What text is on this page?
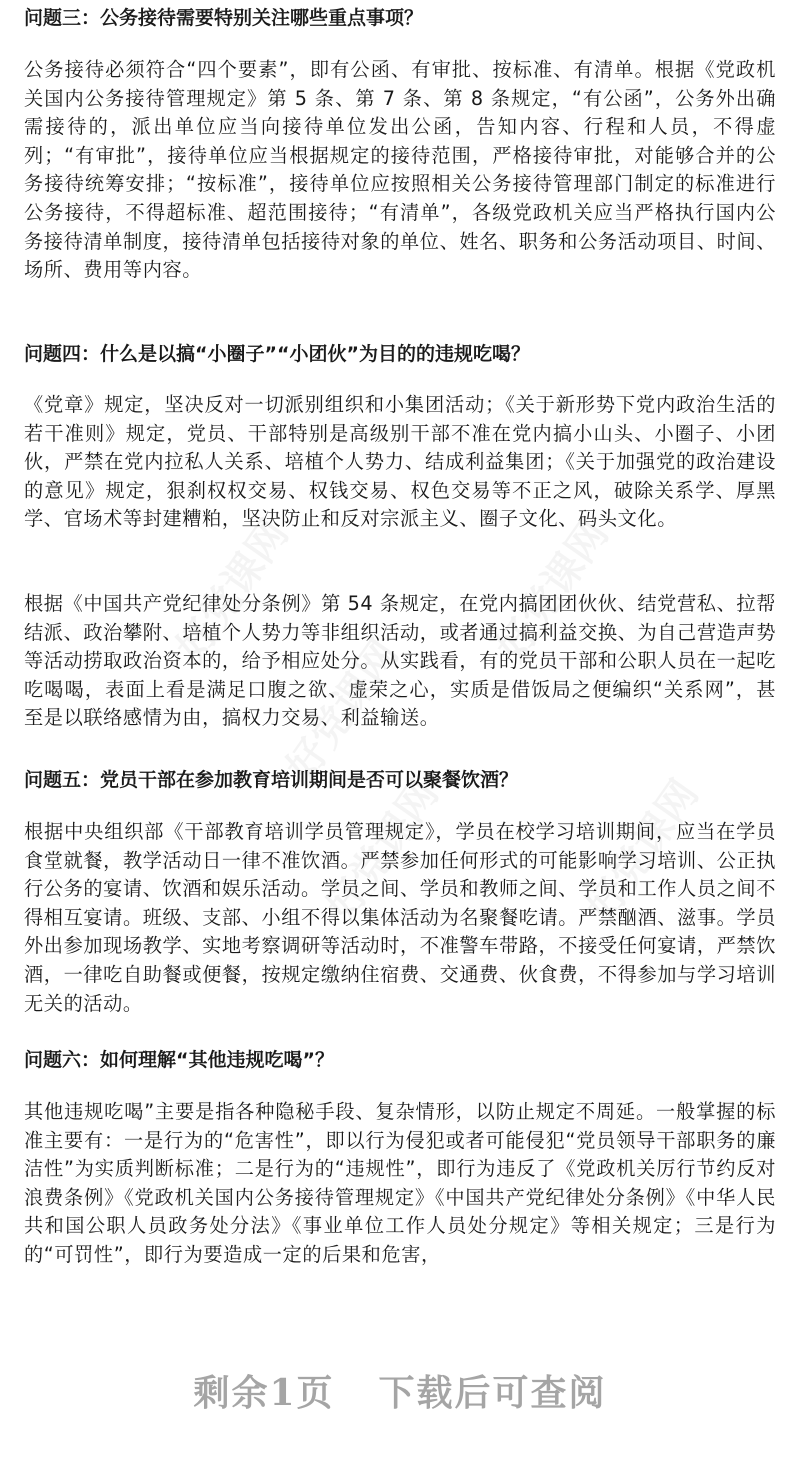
问题三：公务接待需要特别关注哪些重点事项？
公务接待必须符合“四个要素”，即有公函、有审批、按标准、有清单。根据《党政机关国内公务接待管理规定》第 5 条、第 7 条、第 8 条规定，“有公函”，公务外出确需接待的，派出单位应当向接待单位发出公函，告知内容、行程和人员，不得虚列；“有审批”，接待单位应当根据规定的接待范围，严格接待审批，对能够合并的公务接待统筹安排；“按标准”，接待单位应按照相关公务接待管理部门制定的标准进行公务接待，不得超标准、超范围接待；“有清单”，各级党政机关应当严格执行国内公务接待清单制度，接待清单包括接待对象的单位、姓名、职务和公务活动项目、时间、场所、费用等内容。
问题四：什么是以搞“小圈子”“小团伙”为目的的违规吃喝？
《党章》规定，坚决反对一切派别组织和小集团活动；《关于新形势下党内政治生活的若干准则》规定，党员、干部特别是高级别干部不准在党内搞小山头、小圈子、小团伙，严禁在党内拉私人关系、培植个人势力、结成利益集团；《关于加强党的政治建设的意见》规定，狠刹权权交易、权钱交易、权色交易等不正之风，破除关系学、厚黑学、官场术等封建糟粕，坚决防止和反对宗派主义、圈子文化、码头文化。
根据《中国共产党纪律处分条例》第 54 条规定，在党内搞团团伙伙、结党营私、拉帮结派、政治攀附、培植个人势力等非组织活动，或者通过搞利益交换、为自己营造声势等活动捞取政治资本的，给予相应处分。从实践看，有的党员干部和公职人员在一起吃吃喝喝，表面上看是满足口腹之欲、虚荣之心，实质是借饭局之便编织“关系网”，甚至是以联络感情为由，搞权力交易、利益输送。
问题五：党员干部在参加教育培训期间是否可以聚餐饮酒？
根据中央组织部《干部教育培训学员管理规定》，学员在校学习培训期间，应当在学员食堂就餐，教学活动日一律不准饮酒。严禁参加任何形式的可能影响学习培训、公正执行公务的宴请、饮酒和娱乐活动。学员之间、学员和教师之间、学员和工作人员之间不得相互宴请。班级、支部、小组不得以集体活动为名聚餐吃请。严禁酗酒、滋事。学员外出参加现场教学、实地考察调研等活动时，不准警车带路，不接受任何宴请，严禁饮酒，一律吃自助餐或便餐，按规定缴纳住宿费、交通费、伙食费，不得参加与学习培训无关的活动。
问题六：如何理解“其他违规吃喝”？
其他违规吃喝”主要是指各种隐秘手段、复杂情形，以防止规定不周延。一般掌握的标准主要有：一是行为的“危害性”，即以行为侵犯或者可能侵犯“党员领导干部职务的廉洁性”为实质判断标准；二是行为的“违规性”，即行为违反了《党政机关厉行节约反对浪费条例》《党政机关国内公务接待管理规定》《中国共产党纪律处分条例》《中华人民共和国公职人员政务处分法》《事业单位工作人员处分规定》等相关规定；三是行为的“可罚性”，即行为要造成一定的后果和危害，
剩余1页 下载后可查阅
